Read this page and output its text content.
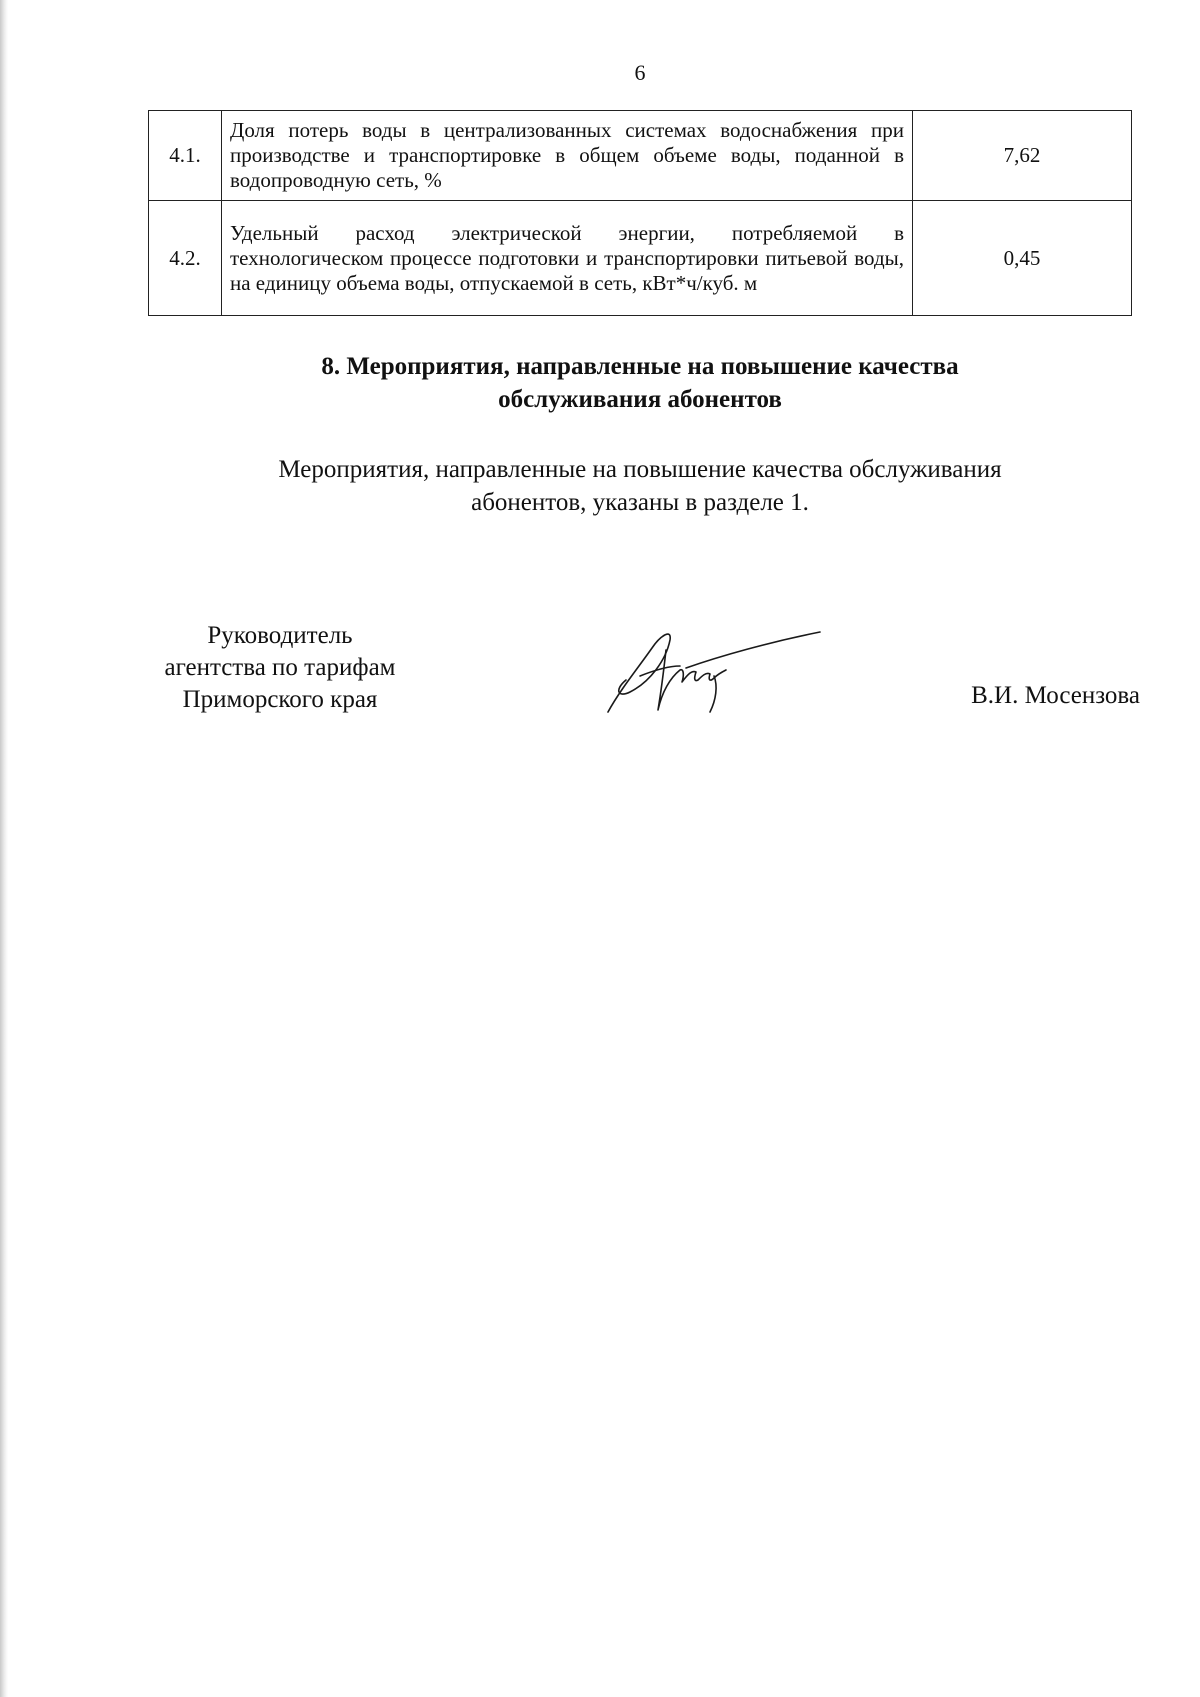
6
4.1.	Доля потерь воды в централизованных системах водоснабжения при производстве и транспортировке в общем объеме воды, поданной в водопроводную сеть, %	7,62
4.2.	Удельный расход электрической энергии, потребляемой в технологическом процессе подготовки и транспортировки питьевой воды, на единицу объема воды, отпускаемой в сеть, кВт*ч/куб. м	0,45
8. Мероприятия, направленные на повышение качества
обслуживания абонентов
Мероприятия, направленные на повышение качества обслуживания
абонентов, указаны в разделе 1.
Руководитель
агентства по тарифам
Приморского края	В.И. Мосензова
